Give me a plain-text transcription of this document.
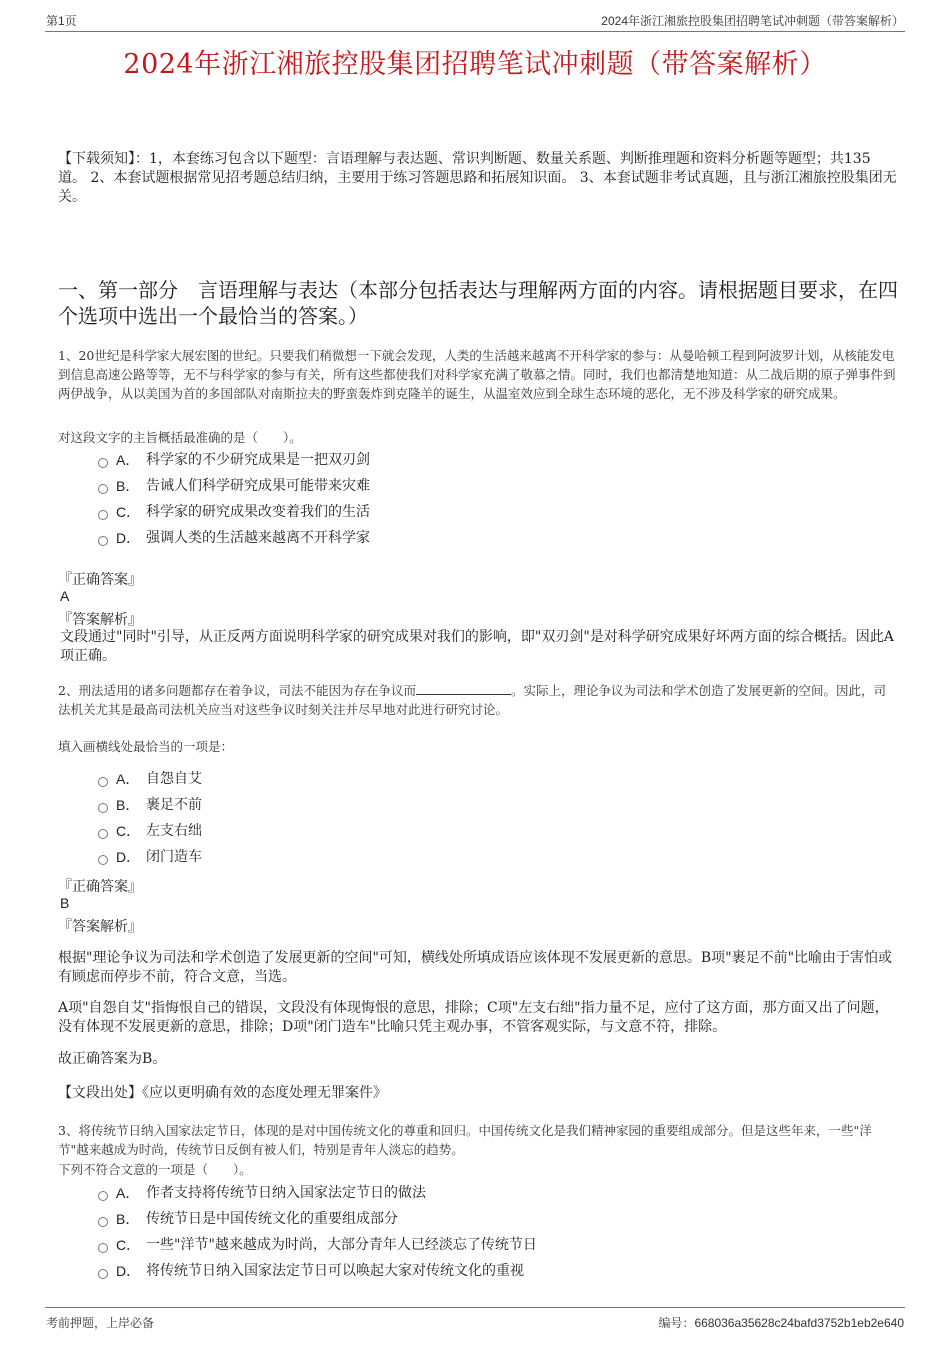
第1页	2024年浙江湘旅控股集团招聘笔试冲刺题（带答案解析）
2024年浙江湘旅控股集团招聘笔试冲刺题（带答案解析）
【下载须知】：1，本套练习包含以下题型：言语理解与表达题、常识判断题、数量关系题、判断推理题和资料分析题等题型；共135道。 2、本套试题根据常见招考题总结归纳，主要用于练习答题思路和拓展知识面。 3、本套试题非考试真题，且与浙江湘旅控股集团无关。
一、第一部分　言语理解与表达（本部分包括表达与理解两方面的内容。请根据题目要求，在四个选项中选出一个最恰当的答案。）
1、20世纪是科学家大展宏图的世纪。只要我们稍微想一下就会发现，人类的生活越来越离不开科学家的参与：从曼哈顿工程到阿波罗计划，从核能发电到信息高速公路等等，无不与科学家的参与有关，所有这些都使我们对科学家充满了敬慕之情。同时，我们也都清楚地知道：从二战后期的原子弹事件到两伊战争，从以美国为首的多国部队对南斯拉夫的野蛮轰炸到克隆羊的诞生，从温室效应到全球生态环境的恶化，无不涉及科学家的研究成果。
对这段文字的主旨概括最准确的是（　　）。
A． 科学家的不少研究成果是一把双刃剑
B． 告诫人们科学研究成果可能带来灾难
C． 科学家的研究成果改变着我们的生活
D． 强调人类的生活越来越离不开科学家
『正确答案』
A
『答案解析』
文段通过"同时"引导，从正反两方面说明科学家的研究成果对我们的影响，即"双刃剑"是对科学研究成果好坏两方面的综合概括。因此A项正确。
2、刑法适用的诸多问题都存在着争议，司法不能因为存在争议而	。实际上，理论争议为司法和学术创造了发展更新的空间。因此，司法机关尤其是最高司法机关应当对这些争议时刻关注并尽早地对此进行研究讨论。
填入画横线处最恰当的一项是：
A． 自怨自艾
B． 裹足不前
C． 左支右绌
D． 闭门造车
『正确答案』
B
『答案解析』
根据"理论争议为司法和学术创造了发展更新的空间"可知，横线处所填成语应该体现不发展更新的意思。B项"裹足不前"比喻由于害怕或有顾虑而停步不前，符合文意，当选。
A项"自怨自艾"指悔恨自己的错误，文段没有体现悔恨的意思，排除；C项"左支右绌"指力量不足，应付了这方面，那方面又出了问题，没有体现不发展更新的意思，排除；D项"闭门造车"比喻只凭主观办事，不管客观实际，与文意不符，排除。
故正确答案为B。
【文段出处】《应以更明确有效的态度处理无罪案件》
3、将传统节日纳入国家法定节日，体现的是对中国传统文化的尊重和回归。中国传统文化是我们精神家园的重要组成部分。但是这些年来，一些"洋节"越来越成为时尚，传统节日反倒有被人们，特别是青年人淡忘的趋势。
下列不符合文意的一项是（　　）。
A． 作者支持将传统节日纳入国家法定节日的做法
B． 传统节日是中国传统文化的重要组成部分
C． 一些"洋节"越来越成为时尚，大部分青年人已经淡忘了传统节日
D． 将传统节日纳入国家法定节日可以唤起大家对传统文化的重视
考前押题，上岸必备	编号：668036a35628c24bafd3752b1eb2e640
